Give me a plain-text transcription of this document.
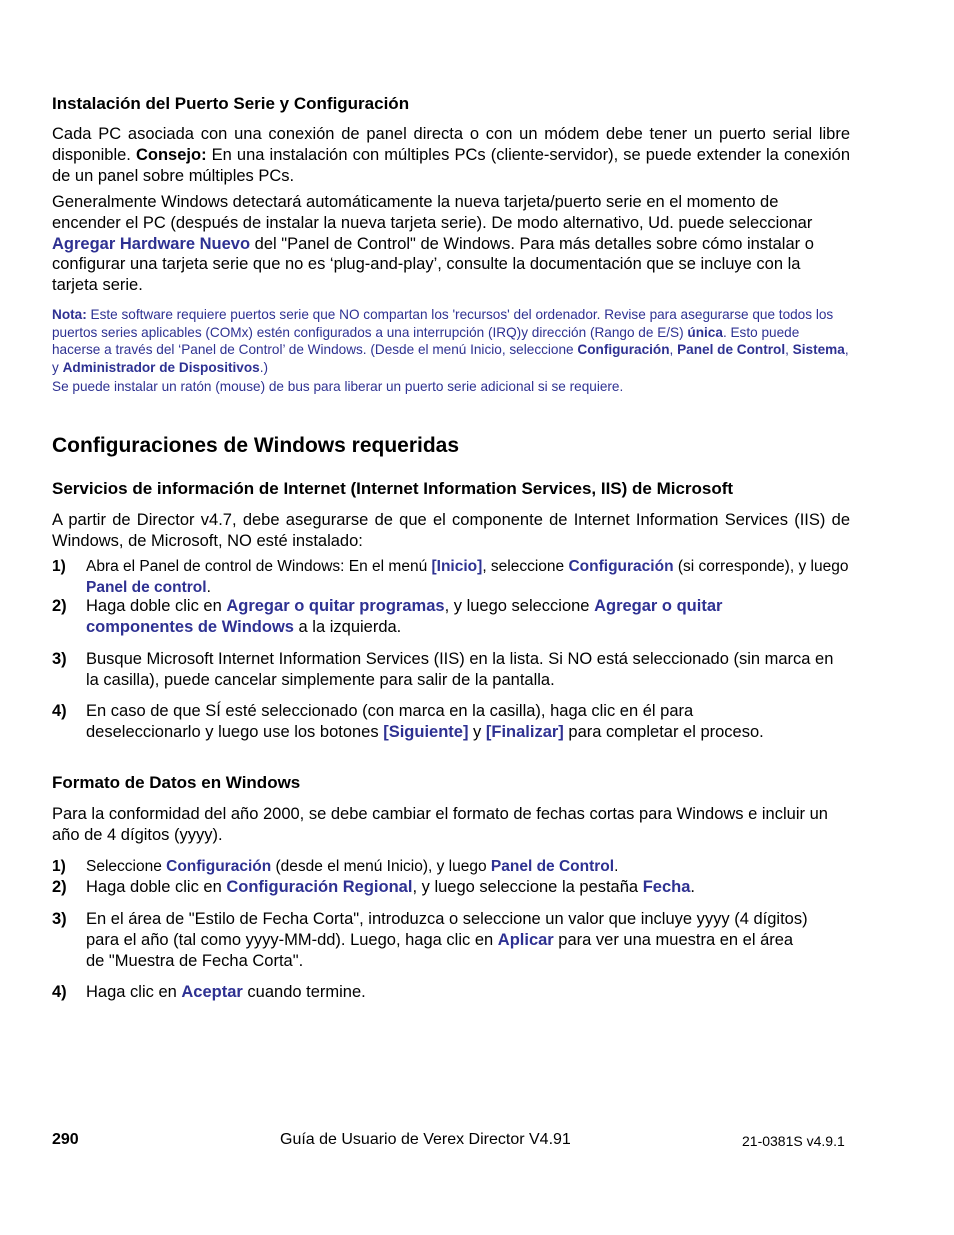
Instalación del Puerto Serie y Configuración
Cada PC asociada con una conexión de panel directa o con un módem debe tener un puerto serial libre disponible. Consejo: En una instalación con múltiples PCs (cliente-servidor), se puede extender la conexión de un panel sobre múltiples PCs.
Generalmente Windows detectará automáticamente la nueva tarjeta/puerto serie en el momento de encender el PC (después de instalar la nueva tarjeta serie). De modo alternativo, Ud. puede seleccionar Agregar Hardware Nuevo del "Panel de Control" de Windows. Para más detalles sobre cómo instalar o configurar una tarjeta serie que no es ‘plug-and-play’, consulte la documentación que se incluye con la tarjeta serie.
Nota: Este software requiere puertos serie que NO compartan los 'recursos' del ordenador. Revise para asegurarse que todos los puertos series aplicables (COMx) estén configurados a una interrupción (IRQ)y dirección (Rango de E/S) única. Esto puede hacerse a través del ‘Panel de Control’ de Windows. (Desde el menú Inicio, seleccione Configuración, Panel de Control, Sistema, y Administrador de Dispositivos.)
Se puede instalar un ratón (mouse) de bus para liberar un puerto serie adicional si se requiere.
Configuraciones de Windows requeridas
Servicios de información de Internet (Internet Information Services, IIS) de Microsoft
A partir de Director v4.7, debe asegurarse de que el componente de Internet Information Services (IIS) de Windows, de Microsoft, NO esté instalado:
1) Abra el Panel de control de Windows: En el menú [Inicio], seleccione Configuración (si corresponde), y luego Panel de control.
2) Haga doble clic en Agregar o quitar programas, y luego seleccione Agregar o quitar componentes de Windows a la izquierda.
3) Busque Microsoft Internet Information Services (IIS) en la lista. Si NO está seleccionado (sin marca en la casilla), puede cancelar simplemente para salir de la pantalla.
4) En caso de que SÍ esté seleccionado (con marca en la casilla), haga clic en él para deseleccionarlo y luego use los botones [Siguiente] y [Finalizar] para completar el proceso.
Formato de Datos en Windows
Para la conformidad del año 2000, se debe cambiar el formato de fechas cortas para Windows e incluir un año de 4 dígitos (yyyy).
1) Seleccione Configuración (desde el menú Inicio), y luego Panel de Control.
2) Haga doble clic en Configuración Regional, y luego seleccione la pestaña Fecha.
3) En el área de "Estilo de Fecha Corta", introduzca o seleccione un valor que incluye yyyy (4 dígitos) para el año (tal como yyyy-MM-dd). Luego, haga clic en Aplicar para ver una muestra en el área de "Muestra de Fecha Corta".
4) Haga clic en Aceptar cuando termine.
290	Guía de Usuario de Verex Director V4.91	21-0381S v4.9.1
